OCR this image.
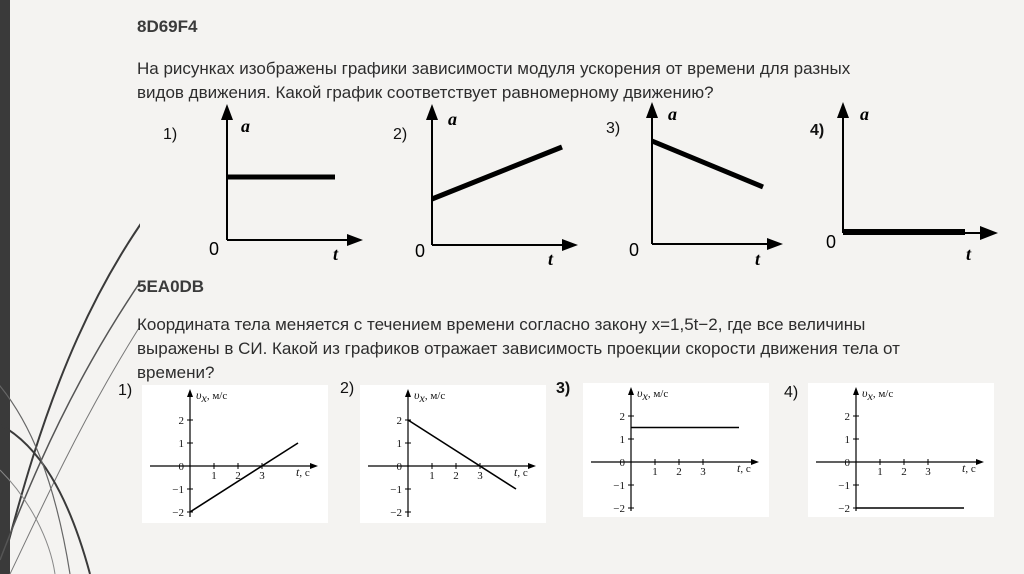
8D69F4
На рисунках изображены графики зависимости модуля ускорения от времени для разных
видов движения. Какой график соответствует равномерному движению?
1)	2)	3)	4)
a
t
0
a
t
0
a
t
0
a
t
0
5EA0DB
Координата тела меняется с течением времени согласно закону x=1,5t−2, где все величины
выражены в СИ. Какой из графиков отражает зависимость проекции скорости движения тела от
времени?
1)	2)	3)	4)
υx, м/с
t, с
2
1
0
−1
−2
1 2 3
υx, м/с
t, с
2
1
0
−1
−2
1 2 3
υx, м/с
t, с
2
1
0
−1
−2
1 2 3
υx, м/с
t, с
2
1
0
−1
−2
1 2 3
